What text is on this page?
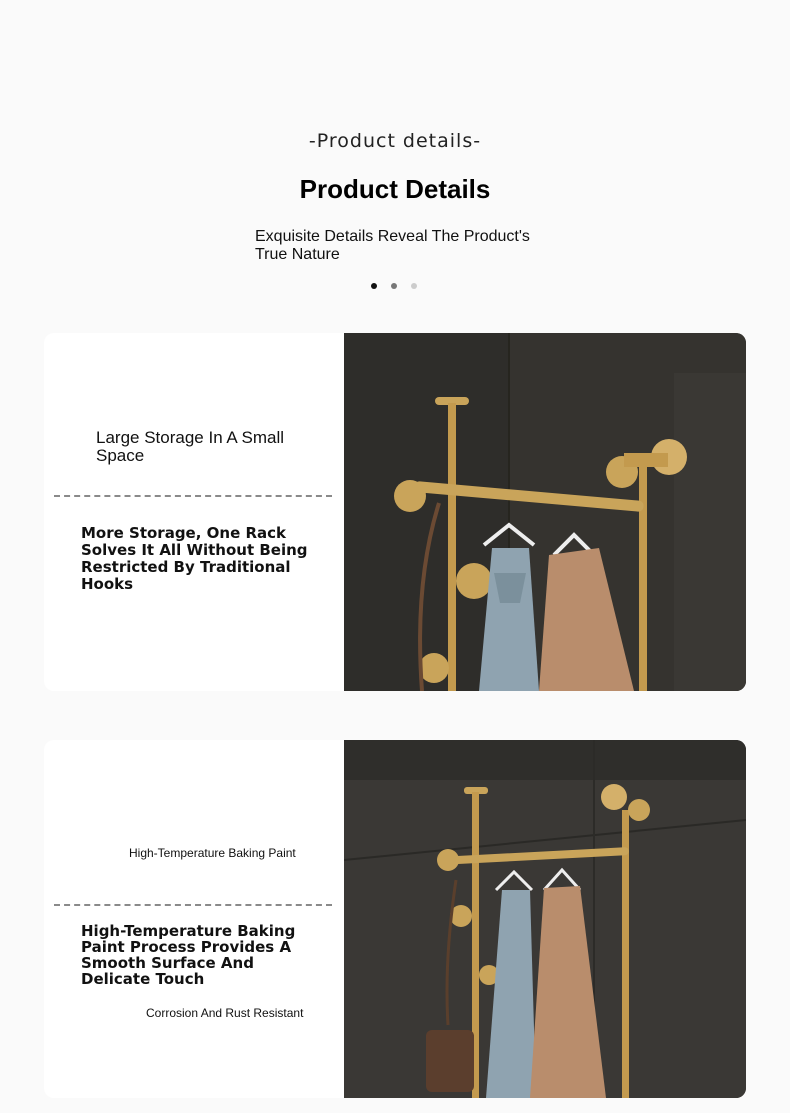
-Product details-
Product Details
Exquisite Details Reveal The Product's True Nature
Large Storage In A Small Space
More Storage, One Rack Solves It All Without Being Restricted By Traditional Hooks
High-Temperature Baking Paint
High-Temperature Baking Paint Process Provides A Smooth Surface And Delicate Touch
Corrosion And Rust Resistant
